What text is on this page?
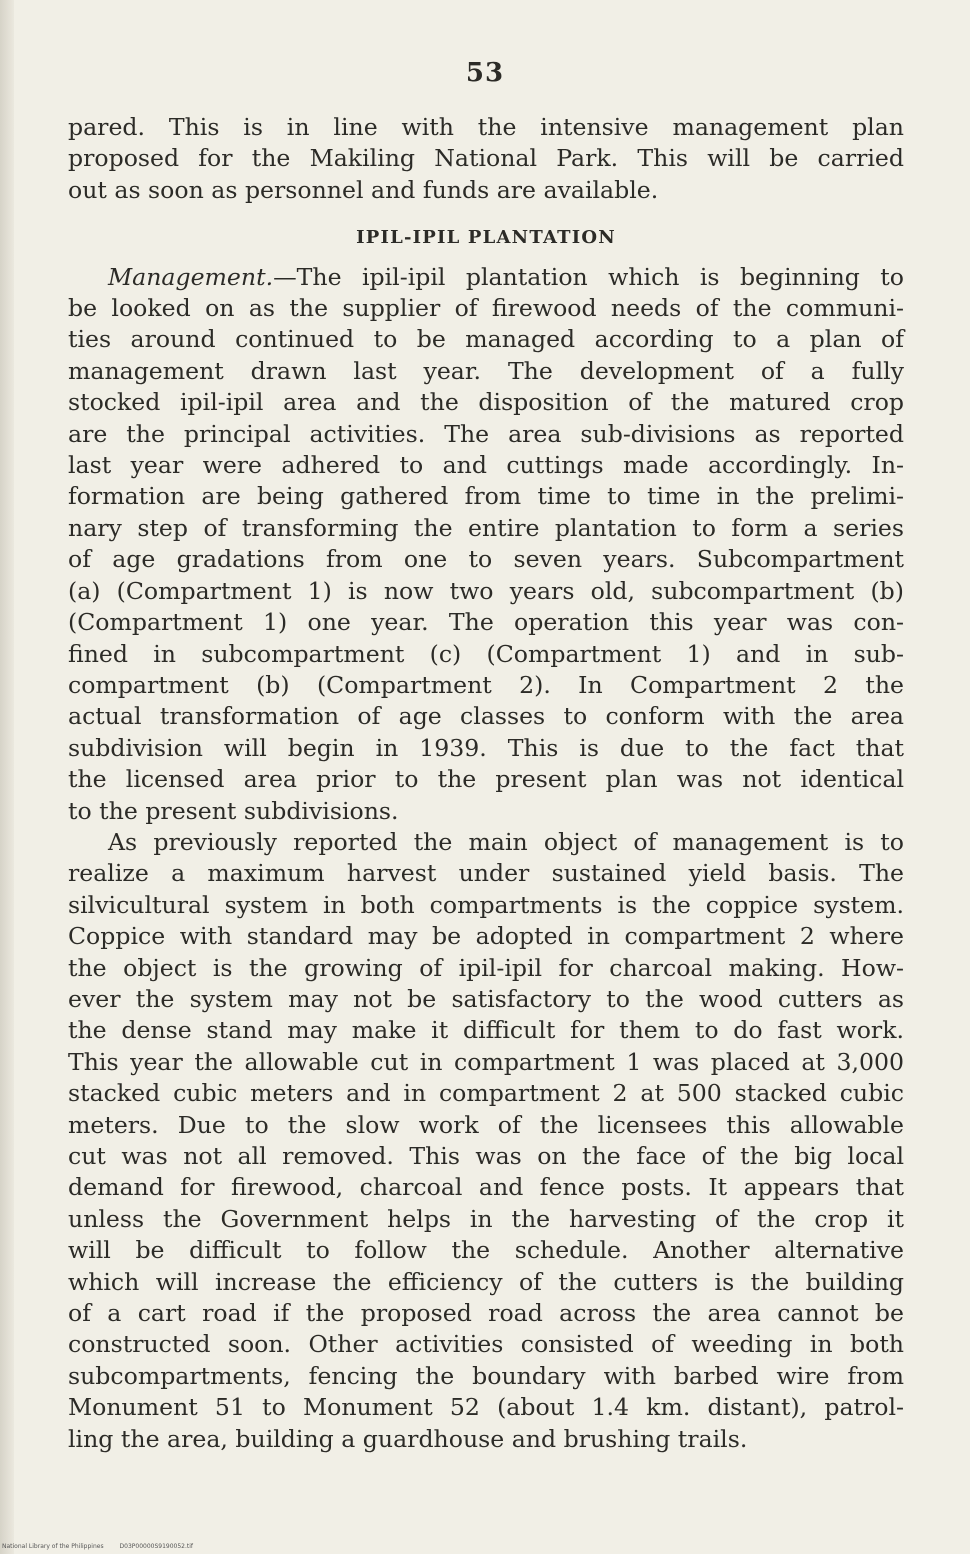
53
pared. This is in line with the intensive management plan
proposed for the Makiling National Park. This will be carried
out as soon as personnel and funds are available.
IPIL-IPIL PLANTATION
Management.—The ipil-ipil plantation which is beginning to
be looked on as the supplier of firewood needs of the communi-
ties around continued to be managed according to a plan of
management drawn last year. The development of a fully
stocked ipil-ipil area and the disposition of the matured crop
are the principal activities. The area sub-divisions as reported
last year were adhered to and cuttings made accordingly. In-
formation are being gathered from time to time in the prelimi-
nary step of transforming the entire plantation to form a series
of age gradations from one to seven years. Subcompartment
(a) (Compartment 1) is now two years old, subcompartment (b)
(Compartment 1) one year. The operation this year was con-
fined in subcompartment (c) (Compartment 1) and in sub-
compartment (b) (Compartment 2). In Compartment 2 the
actual transformation of age classes to conform with the area
subdivision will begin in 1939. This is due to the fact that
the licensed area prior to the present plan was not identical
to the present subdivisions.
As previously reported the main object of management is to
realize a maximum harvest under sustained yield basis. The
silvicultural system in both compartments is the coppice system.
Coppice with standard may be adopted in compartment 2 where
the object is the growing of ipil-ipil for charcoal making. How-
ever the system may not be satisfactory to the wood cutters as
the dense stand may make it difficult for them to do fast work.
This year the allowable cut in compartment 1 was placed at 3,000
stacked cubic meters and in compartment 2 at 500 stacked cubic
meters. Due to the slow work of the licensees this allowable
cut was not all removed. This was on the face of the big local
demand for firewood, charcoal and fence posts. It appears that
unless the Government helps in the harvesting of the crop it
will be difficult to follow the schedule. Another alternative
which will increase the efficiency of the cutters is the building
of a cart road if the proposed road across the area cannot be
constructed soon. Other activities consisted of weeding in both
subcompartments, fencing the boundary with barbed wire from
Monument 51 to Monument 52 (about 1.4 km. distant), patrol-
ling the area, building a guardhouse and brushing trails.
National Library of the Philippines	D03P00000S9190052.tif
